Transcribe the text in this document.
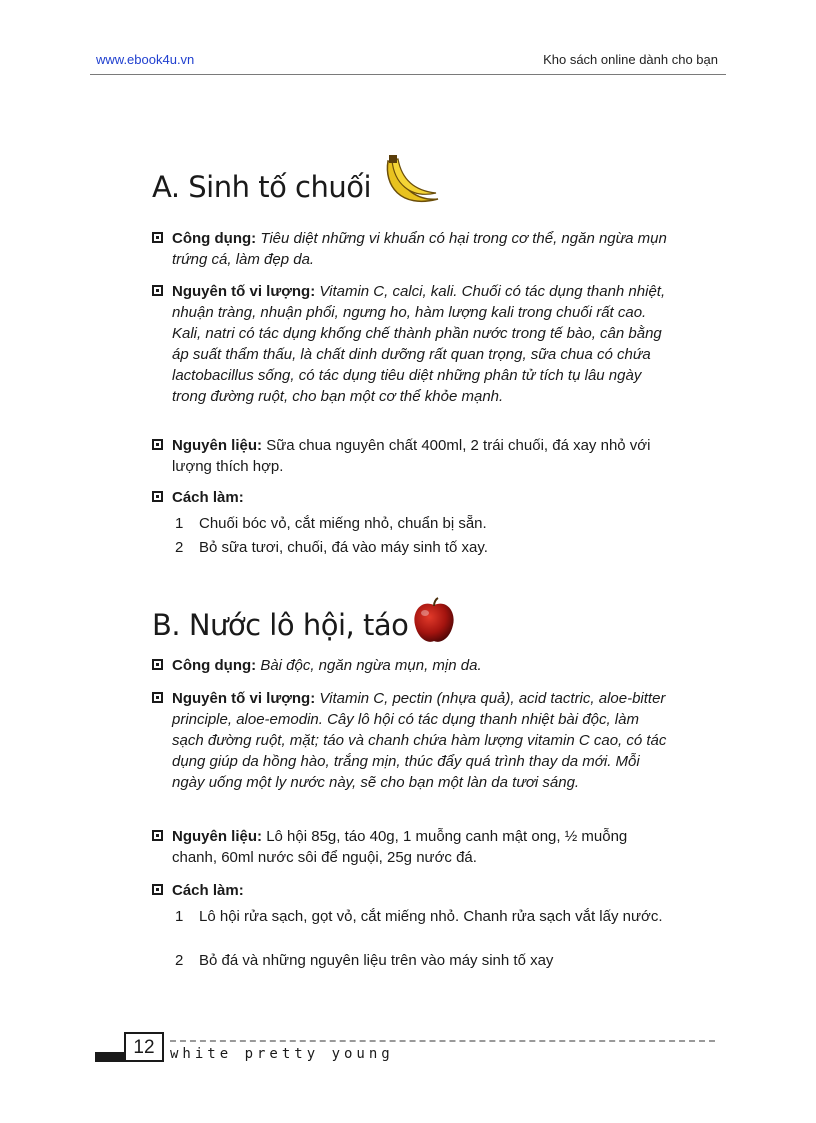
www.ebook4u.vn	Kho sách online dành cho bạn
A. Sinh tố chuối
Công dụng: Tiêu diệt những vi khuẩn có hại trong cơ thể, ngăn ngừa mụn trứng cá, làm đẹp da.
Nguyên tố vi lượng: Vitamin C, calci, kali. Chuối có tác dụng thanh nhiệt, nhuận tràng, nhuận phổi, ngưng ho, hàm lượng kali trong chuối rất cao. Kali, natri có tác dụng khống chế thành phần nước trong tế bào, cân bằng áp suất thẩm thấu, là chất dinh dưỡng rất quan trọng, sữa chua có chứa lactobacillus sống, có tác dụng tiêu diệt những phân tử tích tụ lâu ngày trong đường ruột, cho bạn một cơ thể khỏe mạnh.
Nguyên liệu: Sữa chua nguyên chất 400ml, 2 trái chuối, đá xay nhỏ với lượng thích hợp.
Cách làm:
1	Chuối bóc vỏ, cắt miếng nhỏ, chuẩn bị sẵn.
2	Bỏ sữa tươi, chuối, đá vào máy sinh tố xay.
B. Nước lô hội, táo
Công dụng: Bài độc, ngăn ngừa mụn, mịn da.
Nguyên tố vi lượng: Vitamin C, pectin (nhựa quả), acid tactric, aloe-bitter principle, aloe-emodin. Cây lô hội có tác dụng thanh nhiệt bài độc, làm sạch đường ruột, mặt; táo và chanh chứa hàm lượng vitamin C cao, có tác dụng giúp da hồng hào, trắng mịn, thúc đẩy quá trình thay da mới. Mỗi ngày uống một ly nước này, sẽ cho bạn một làn da tươi sáng.
Nguyên liệu: Lô hội 85g, táo 40g, 1 muỗng canh mật ong, ½ muỗng chanh, 60ml nước sôi để nguội, 25g nước đá.
Cách làm:
1	Lô hội rửa sạch, gọt vỏ, cắt miếng nhỏ. Chanh rửa sạch vắt lấy nước.
2	Bỏ đá và những nguyên liệu trên vào máy sinh tố xay
12	white pretty young
